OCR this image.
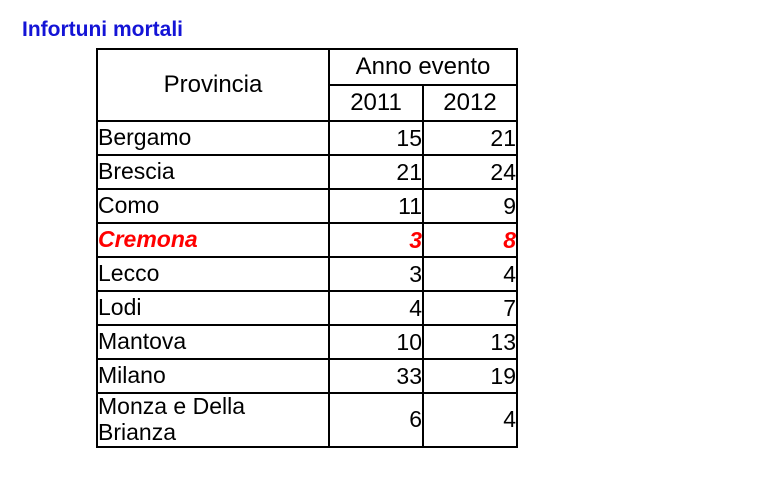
Infortuni mortali
Provincia	Anno evento	
	2011	2012
Bergamo	15	21
Brescia	21	24
Como	11	9
Cremona	3	8
Lecco	3	4
Lodi	4	7
Mantova	10	13
Milano	33	19
Monza e Della Brianza	6	4
